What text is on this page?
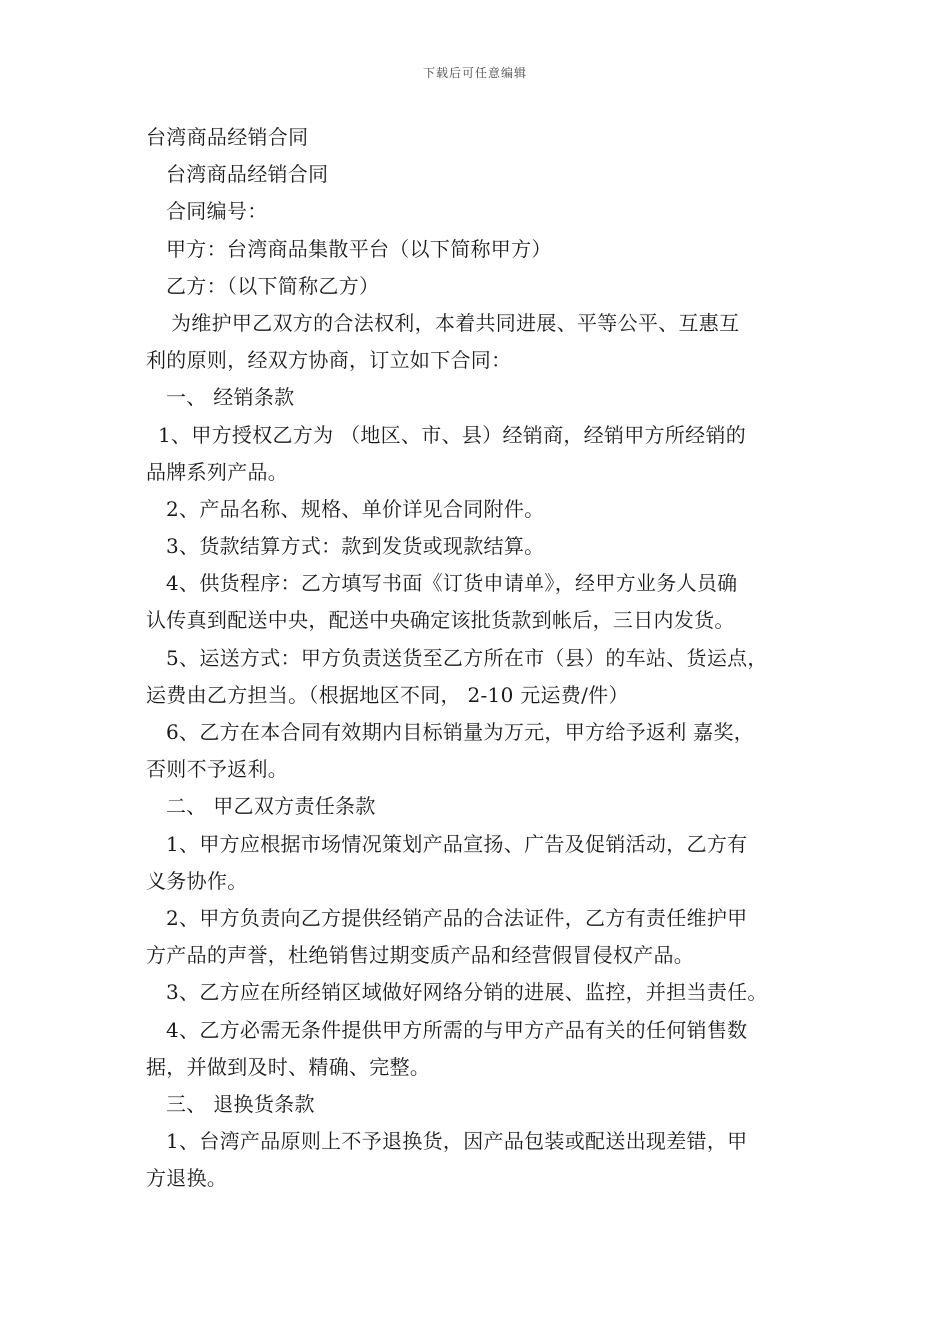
下载后可任意编辑
台湾商品经销合同
台湾商品经销合同
合同编号：
甲方：台湾商品集散平台（以下简称甲方）
乙方：（以下简称乙方）
为维护甲乙双方的合法权利，本着共同进展、平等公平、互惠互
利的原则，经双方协商，订立如下合同：
一、 经销条款
1、甲方授权乙方为 （地区、市、县）经销商，经销甲方所经销的
品牌系列产品。
2、产品名称、规格、单价详见合同附件。
3、货款结算方式：款到发货或现款结算。
4、供货程序：乙方填写书面《订货申请单》，经甲方业务人员确
认传真到配送中央，配送中央确定该批货款到帐后，三日内发货。
5、运送方式：甲方负责送货至乙方所在市（县）的车站、货运点，
运费由乙方担当。（根据地区不同， 2-10 元运费/件）
6、乙方在本合同有效期内目标销量为万元，甲方给予返利 嘉奖，
否则不予返利。
二、 甲乙双方责任条款
1、甲方应根据市场情况策划产品宣扬、广告及促销活动，乙方有
义务协作。
2、甲方负责向乙方提供经销产品的合法证件，乙方有责任维护甲
方产品的声誉，杜绝销售过期变质产品和经营假冒侵权产品。
3、乙方应在所经销区域做好网络分销的进展、监控，并担当责任。
4、乙方必需无条件提供甲方所需的与甲方产品有关的任何销售数
据，并做到及时、精确、完整。
三、 退换货条款
1、台湾产品原则上不予退换货，因产品包装或配送出现差错，甲
方退换。
